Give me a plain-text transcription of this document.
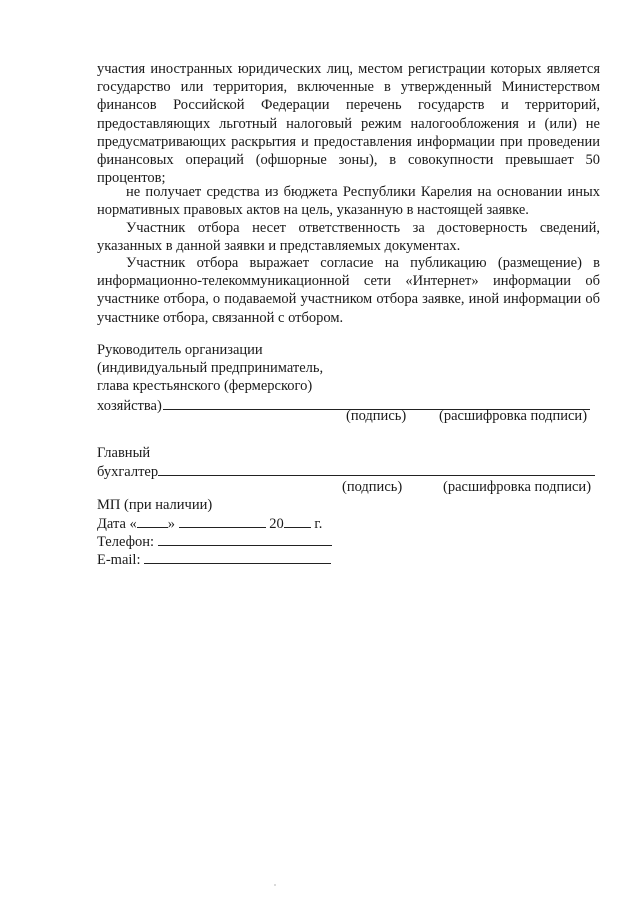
участия иностранных юридических лиц, местом регистрации которых является государство или территория, включенные в утвержденный Министерством финансов Российской Федерации перечень государств и территорий, предоставляющих льготный налоговый режим налогообложения и (или) не предусматривающих раскрытия и предоставления информации при проведении финансовых операций (офшорные зоны), в совокупности превышает 50 процентов;
не получает средства из бюджета Республики Карелия на основании иных нормативных правовых актов на цель, указанную в настоящей заявке.
Участник отбора несет ответственность за достоверность сведений, указанных в данной заявки и представляемых документах.
Участник отбора выражает согласие на публикацию (размещение) в информационно-телекоммуникационной сети «Интернет» информации об участнике отбора, о подаваемой участником отбора заявке, иной информации об участнике отбора, связанной с отбором.
Руководитель организации
(индивидуальный предприниматель,
глава крестьянского (фермерского)
хозяйства)
(подпись) (расшифровка подписи)
Главный
бухгалтер
(подпись)	(расшифровка подписи)
МП (при наличии)
Дата « »	20 г.
Телефон:
E-mail:
